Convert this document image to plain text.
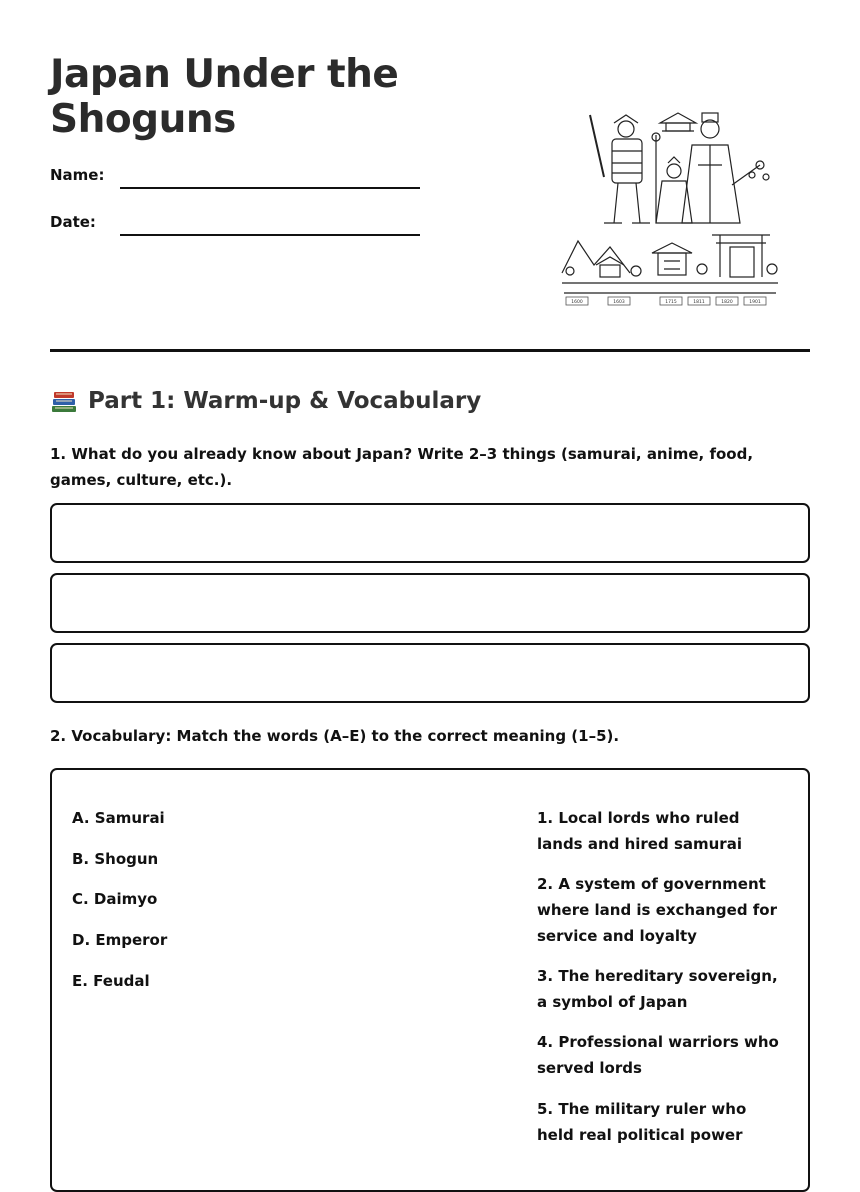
Japan Under the Shoguns
Name:
Date:
1600	1603	1715	1811	1820	1901
Part 1: Warm-up & Vocabulary
1. What do you already know about Japan? Write 2–3 things (samurai, anime, food, games, culture, etc.).
2. Vocabulary: Match the words (A–E) to the correct meaning (1–5).
A. Samurai
B. Shogun
C. Daimyo
D. Emperor
E. Feudal
1. Local lords who ruled lands and hired samurai
2. A system of government where land is exchanged for service and loyalty
3. The hereditary sovereign, a symbol of Japan
4. Professional warriors who served lords
5. The military ruler who held real political power
